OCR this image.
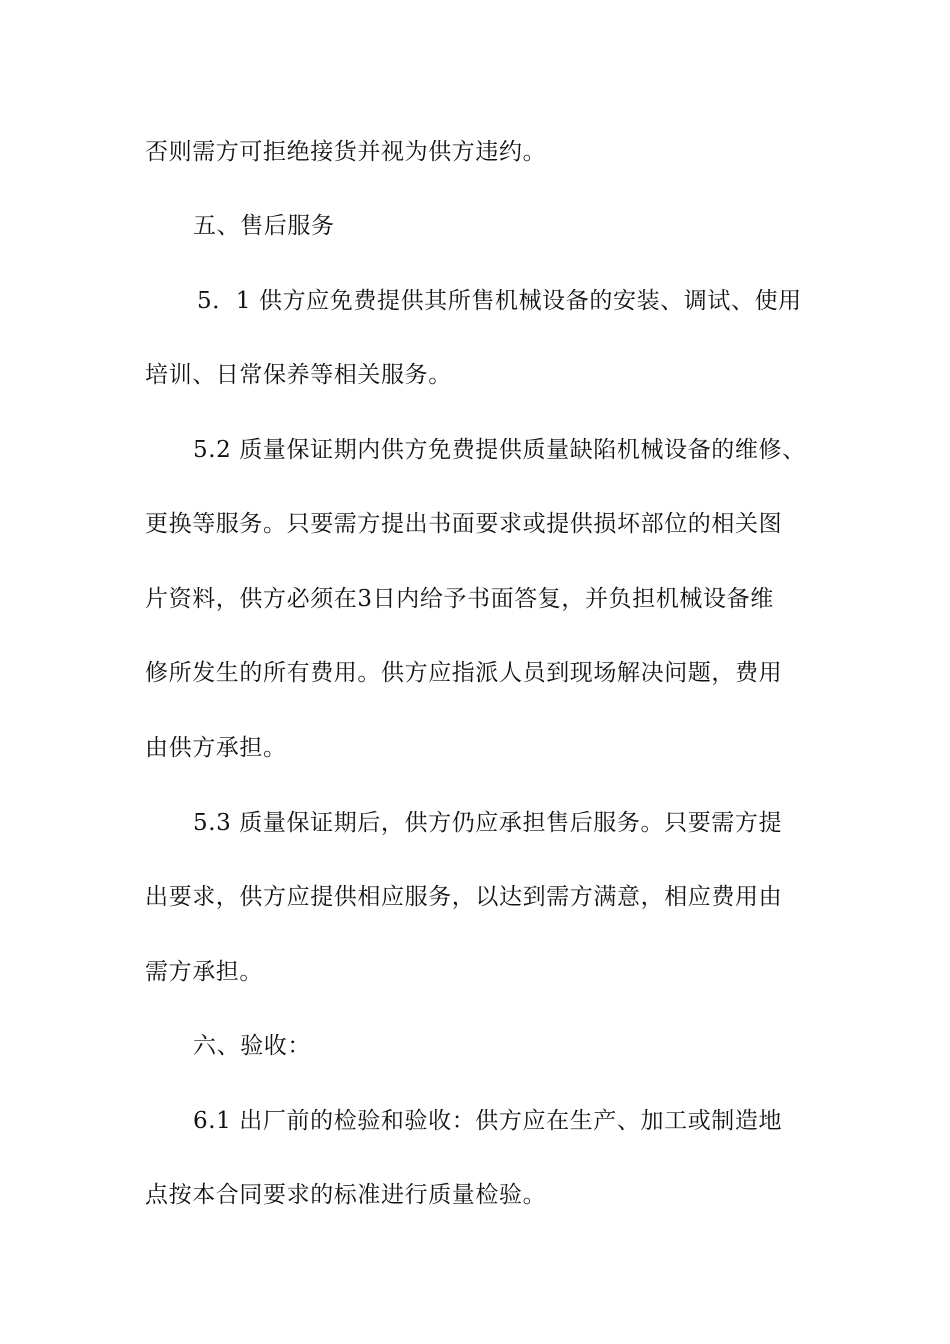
否则需方可拒绝接货并视为供方违约。
五、售后服务
5．1 供方应免费提供其所售机械设备的安装、调试、使用
培训、日常保养等相关服务。
5.2 质量保证期内供方免费提供质量缺陷机械设备的维修、
更换等服务。只要需方提出书面要求或提供损坏部位的相关图
片资料，供方必须在3日内给予书面答复，并负担机械设备维
修所发生的所有费用。供方应指派人员到现场解决问题，费用
由供方承担。
5.3 质量保证期后，供方仍应承担售后服务。只要需方提
出要求，供方应提供相应服务，以达到需方满意，相应费用由
需方承担。
六、验收：
6.1 出厂前的检验和验收：供方应在生产、加工或制造地
点按本合同要求的标准进行质量检验。
